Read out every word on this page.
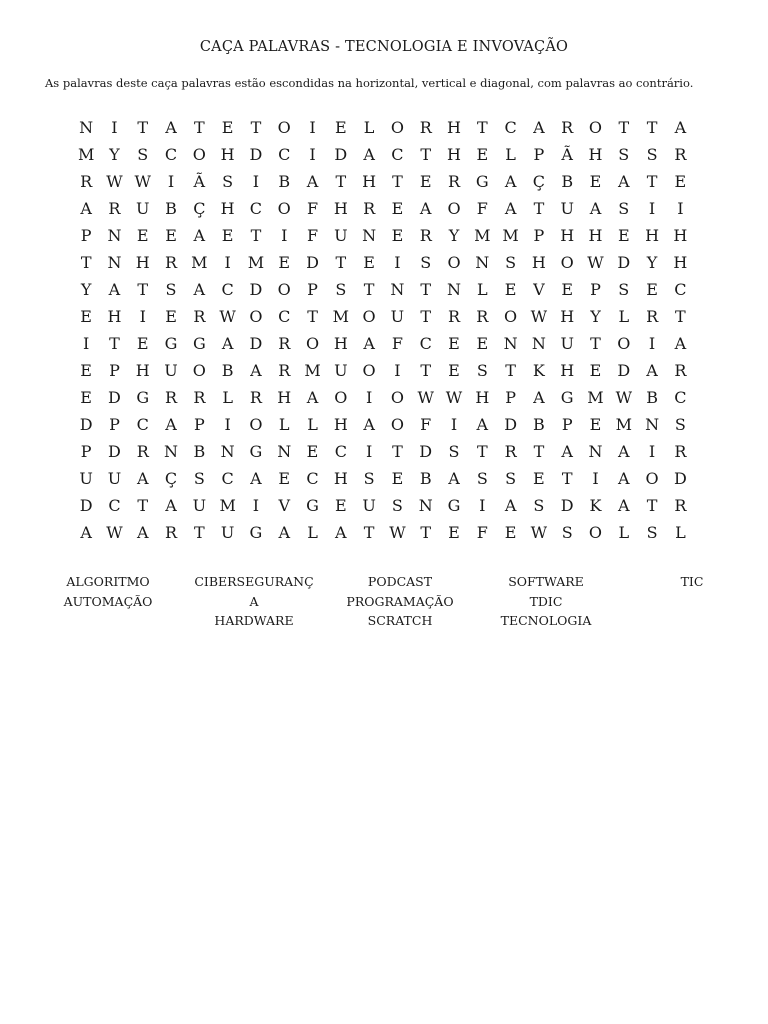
CAÇA PALAVRAS - TECNOLOGIA E INVOVAÇÃO
As palavras deste caça palavras estão escondidas na horizontal, vertical e diagonal, com palavras ao contrário.
N	I	T	A	T	E	T	O	I	E	L	O R H T	C	A	R O	T	T	A
M Y	S	C O H D C	I	D	A	C	T H E	L	P	Ã H S	S	R
R W W	I	Ã	S	I	B	A	T H T	E	R G	A	Ç	B	E	A	T	E
A	R U B	Ç H C O	F H R	E	A O	F	A	T	U A	S	I	I
P N E	E	A	E	T	I	F	U N E	R	Y M M P H H E H H
T N H R M	I	M E	D	T	E	I	S	O N S H O W D	Y	H
Y	A	T	S	A	C D O	P	S	T N T N L	E	V	E	P	S	E	C
E H	I	E	R W O C	T M O U	T	R	R O W H	Y	L	R	T
I	T	E	G G	A	D R O H A	F	C	E	E N N U	T	O	I	A
E	P H U O B	A	R M U O	I	T	E	S	T	K H E	D	A	R
E	D G R	R	L	R H A O	I	O W W H P	A	G M W B	C
D	P	C	A	P	I	O	L	L	H A O	F	I	A	D	B	P	E M N S
P	D R N B N G N E	C	I	T	D	S	T	R	T	A N A	I	R
U U A	Ç	S	C	A	E	C H S	E	B	A	S	S	E	T	I	A O D
D C	T	A U M	I	V	G	E U	S N G	I	A	S	D K	A	T	R
A W A	R	T	U G	A	L	A	T W T	E	F	E W S	O	L	S	L
ALGORITMO
AUTOMAÇÃO
CIBERSEGURANÇ
A
HARDWARE
PODCAST
PROGRAMAÇÃO
SCRATCH
SOFTWARE
TDIC
TECNOLOGIA
TIC
